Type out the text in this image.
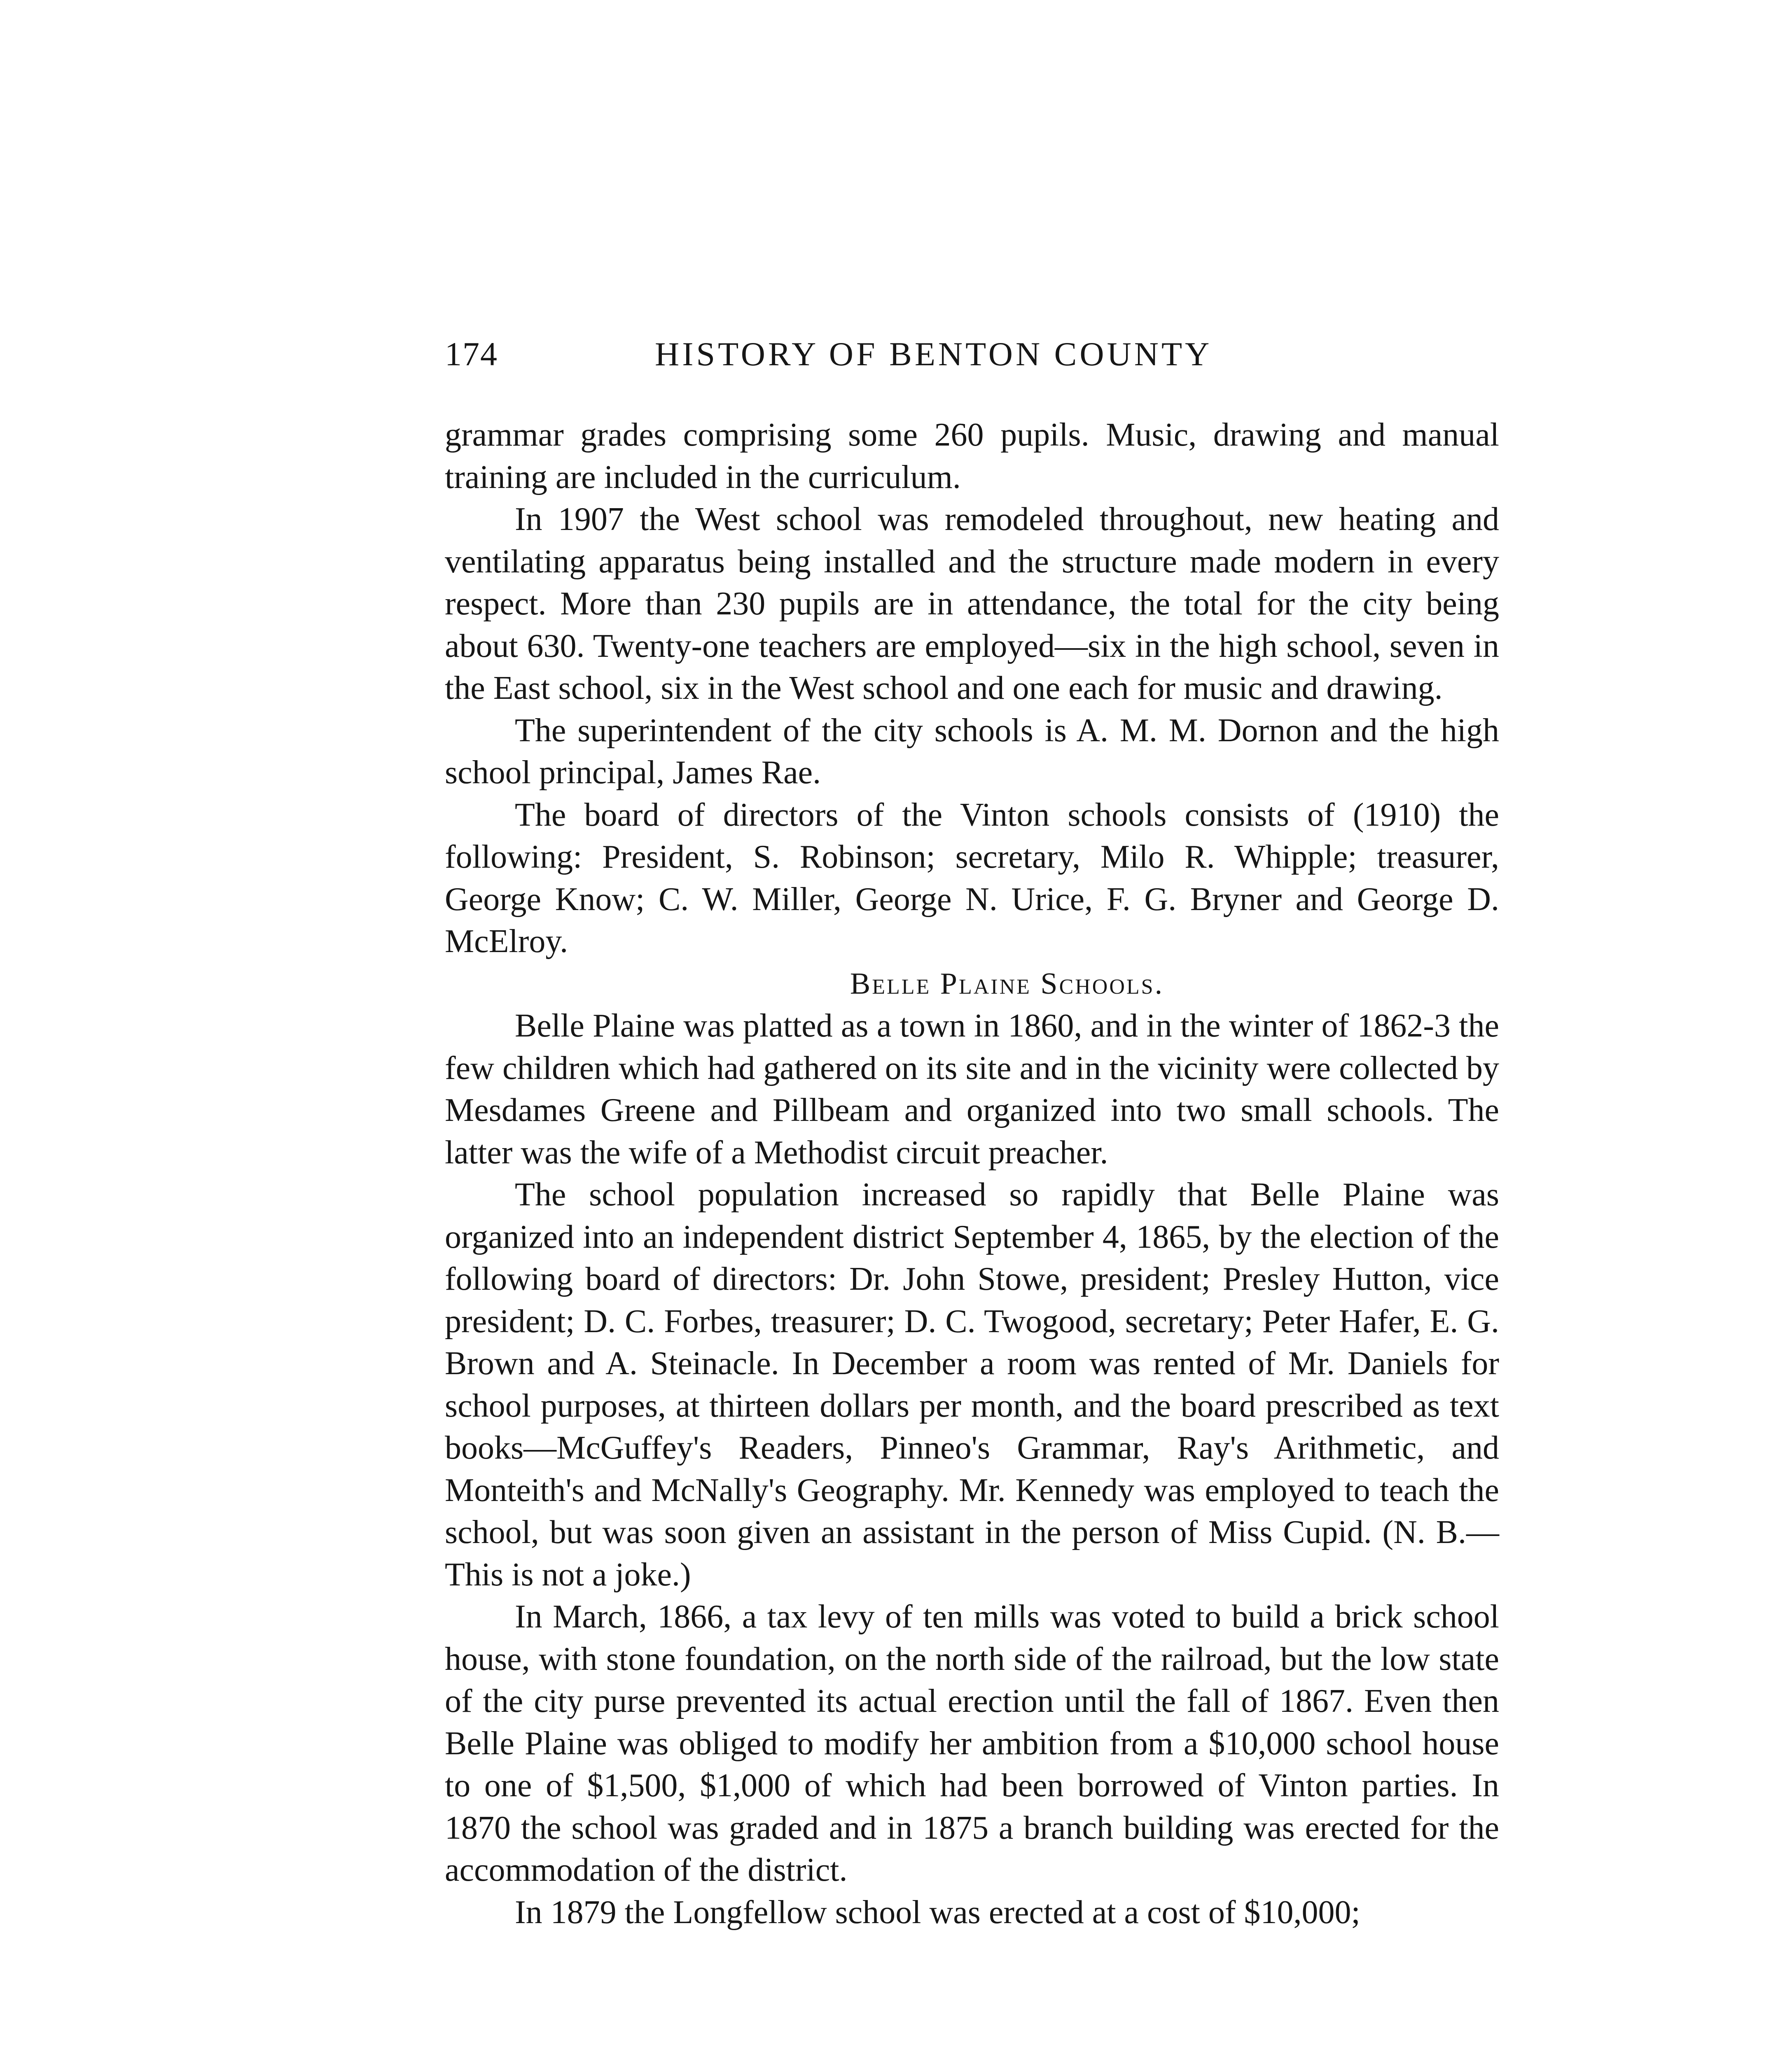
174	HISTORY OF BENTON COUNTY

grammar grades comprising some 260 pupils. Music, drawing and manual training are included in the curriculum.

In 1907 the West school was remodeled throughout, new heating and ventilating apparatus being installed and the structure made modern in every respect. More than 230 pupils are in attendance, the total for the city being about 630. Twenty-one teachers are employed—six in the high school, seven in the East school, six in the West school and one each for music and drawing.

The superintendent of the city schools is A. M. M. Dornon and the high school principal, James Rae.

The board of directors of the Vinton schools consists of (1910) the following: President, S. Robinson; secretary, Milo R. Whipple; treasurer, George Know; C. W. Miller, George N. Urice, F. G. Bryner and George D. McElroy.

Belle Plaine Schools.

Belle Plaine was platted as a town in 1860, and in the winter of 1862-3 the few children which had gathered on its site and in the vicinity were collected by Mesdames Greene and Pillbeam and organized into two small schools. The latter was the wife of a Methodist circuit preacher.

The school population increased so rapidly that Belle Plaine was organized into an independent district September 4, 1865, by the election of the following board of directors: Dr. John Stowe, president; Presley Hutton, vice president; D. C. Forbes, treasurer; D. C. Twogood, secretary; Peter Hafer, E. G. Brown and A. Steinacle. In December a room was rented of Mr. Daniels for school purposes, at thirteen dollars per month, and the board prescribed as text books—McGuffey's Readers, Pinneo's Grammar, Ray's Arithmetic, and Monteith's and McNally's Geography. Mr. Kennedy was employed to teach the school, but was soon given an assistant in the person of Miss Cupid. (N. B.—This is not a joke.)

In March, 1866, a tax levy of ten mills was voted to build a brick school house, with stone foundation, on the north side of the railroad, but the low state of the city purse prevented its actual erection until the fall of 1867. Even then Belle Plaine was obliged to modify her ambition from a $10,000 school house to one of $1,500, $1,000 of which had been borrowed of Vinton parties. In 1870 the school was graded and in 1875 a branch building was erected for the accommodation of the district.

In 1879 the Longfellow school was erected at a cost of $10,000;
